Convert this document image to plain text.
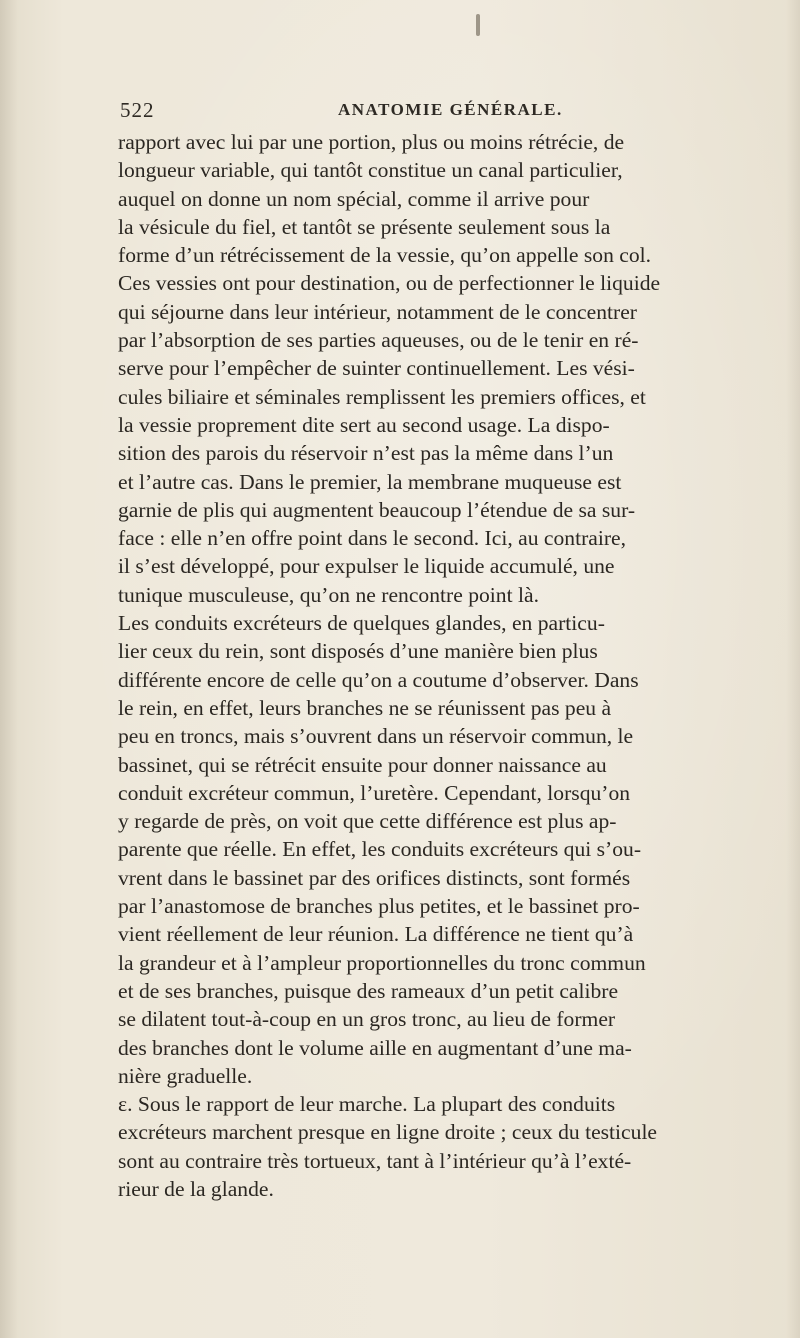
522	ANATOMIE GÉNÉRALE.
rapport avec lui par une portion, plus ou moins rétrécie, de
longueur variable, qui tantôt constitue un canal particulier,
auquel on donne un nom spécial, comme il arrive pour
la vésicule du fiel, et tantôt se présente seulement sous la
forme d’un rétrécissement de la vessie, qu’on appelle son col.
Ces vessies ont pour destination, ou de perfectionner le liquide
qui séjourne dans leur intérieur, notamment de le concentrer
par l’absorption de ses parties aqueuses, ou de le tenir en ré-
serve pour l’empêcher de suinter continuellement. Les vési-
cules biliaire et séminales remplissent les premiers offices, et
la vessie proprement dite sert au second usage. La dispo-
sition des parois du réservoir n’est pas la même dans l’un
et l’autre cas. Dans le premier, la membrane muqueuse est
garnie de plis qui augmentent beaucoup l’étendue de sa sur-
face : elle n’en offre point dans le second. Ici, au contraire,
il s’est développé, pour expulser le liquide accumulé, une
tunique musculeuse, qu’on ne rencontre point là.
Les conduits excréteurs de quelques glandes, en particu-
lier ceux du rein, sont disposés d’une manière bien plus
différente encore de celle qu’on a coutume d’observer. Dans
le rein, en effet, leurs branches ne se réunissent pas peu à
peu en troncs, mais s’ouvrent dans un réservoir commun, le
bassinet, qui se rétrécit ensuite pour donner naissance au
conduit excréteur commun, l’uretère. Cependant, lorsqu’on
y regarde de près, on voit que cette différence est plus ap-
parente que réelle. En effet, les conduits excréteurs qui s’ou-
vrent dans le bassinet par des orifices distincts, sont formés
par l’anastomose de branches plus petites, et le bassinet pro-
vient réellement de leur réunion. La différence ne tient qu’à
la grandeur et à l’ampleur proportionnelles du tronc commun
et de ses branches, puisque des rameaux d’un petit calibre
se dilatent tout-à-coup en un gros tronc, au lieu de former
des branches dont le volume aille en augmentant d’une ma-
nière graduelle.
ε. Sous le rapport de leur marche. La plupart des conduits
excréteurs marchent presque en ligne droite ; ceux du testicule
sont au contraire très tortueux, tant à l’intérieur qu’à l’exté-
rieur de la glande.
